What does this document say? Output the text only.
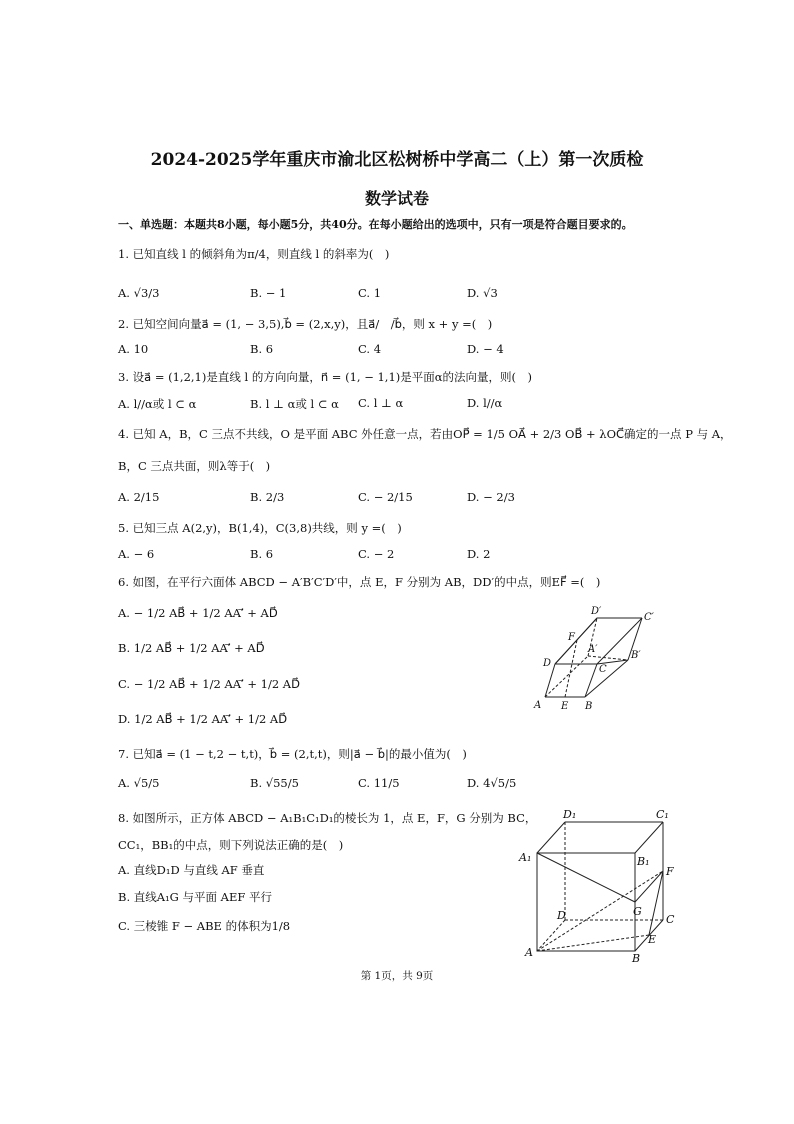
2024-2025学年重庆市渝北区松树桥中学高二（上）第一次质检
数学试卷
一、单选题：本题共8小题，每小题5分，共40分。在每小题给出的选项中，只有一项是符合题目要求的。
1. 已知直线 l 的倾斜角为π/4，则直线 l 的斜率为(　)
A. √3/3	B. − 1	C. 1	D. √3
2. 已知空间向量a⃗ = (1, − 3,5),b⃗ = (2,x,y)，且a⃗/　/b⃗，则 x + y =(　)
A. 10	B. 6	C. 4	D. − 4
3. 设a⃗ = (1,2,1)是直线 l 的方向向量，n⃗ = (1, − 1,1)是平面α的法向量，则(　)
A. l//α或 l ⊂ α	B. l ⊥ α或 l ⊂ α C. l ⊥ α	D. l//α
4. 已知 A，B，C 三点不共线，O 是平面 ABC 外任意一点，若由OP⃗ = 1/5 OA⃗ + 2/3 OB⃗ + λOC⃗确定的一点 P 与 A，
B，C 三点共面，则λ等于(　)
A. 2/15	B. 2/3	C. − 2/15	D. − 2/3
5. 已知三点 A(2,y)，B(1,4)，C(3,8)共线，则 y =(　)
A. − 6	B. 6	C. − 2	D. 2
6. 如图，在平行六面体 ABCD − A′B′C′D′中，点 E，F 分别为 AB，DD′的中点，则EF⃗ =(　)
A. − 1/2 AB⃗ + 1/2 AA′⃗ + AD⃗
B. 1/2 AB⃗ + 1/2 AA′⃗ + AD⃗
C. − 1/2 AB⃗ + 1/2 AA′⃗ + 1/2 AD⃗
D. 1/2 AB⃗ + 1/2 AA′⃗ + 1/2 AD⃗
D′
C′
F
A′
B′
D
C
A E B
7. 已知a⃗ = (1 − t,2 − t,t)，b⃗ = (2,t,t)，则|a⃗ − b⃗|的最小值为(　)
A. √5/5	B. √55/5	C. 11/5	D. 4√5/5
8. 如图所示，正方体 ABCD − A₁B₁C₁D₁的棱长为 1，点 E，F，G 分别为 BC，
CC₁，BB₁的中点，则下列说法正确的是(　)
A. 直线D₁D 与直线 AF 垂直
B. 直线A₁G 与平面 AEF 平行
C. 三棱锥 F − ABE 的体积为1/8
D₁	C₁
A₁	B₁
F
G
D	C
A
E
B
第 1页，共 9页
